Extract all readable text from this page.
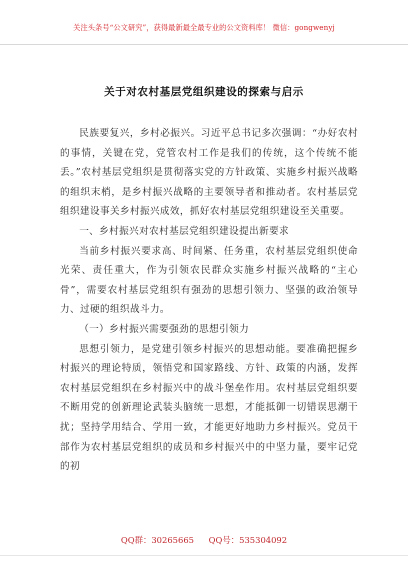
关注头条号“公文研究”，获得最新最全最专业的公文资料库！ 微信：gongwenyj
关于对农村基层党组织建设的探索与启示

民族要复兴，乡村必振兴。习近平总书记多次强调：“办好农村的事情，关键在党，党管农村工作是我们的传统，这个传统不能丢。”农村基层党组织是贯彻落实党的方针政策、实施乡村振兴战略的组织末梢，是乡村振兴战略的主要领导者和推动者。农村基层党组织建设事关乡村振兴成效，抓好农村基层党组织建设至关重要。

一、乡村振兴对农村基层党组织建设提出新要求

当前乡村振兴要求高、时间紧、任务重，农村基层党组织使命光荣、责任重大，作为引领农民群众实施乡村振兴战略的“主心骨”，需要农村基层党组织有强劲的思想引领力、坚强的政治领导力、过硬的组织战斗力。

（一）乡村振兴需要强劲的思想引领力

思想引领力，是党建引领乡村振兴的思想动能。要准确把握乡村振兴的理论特质，领悟党和国家路线、方针、政策的内涵，发挥农村基层党组织在乡村振兴中的战斗堡垒作用。农村基层党组织要不断用党的创新理论武装头脑统一思想，才能抵御一切错误思潮干扰；坚持学用结合、学用一致，才能更好地助力乡村振兴。党员干部作为农村基层党组织的成员和乡村振兴中的中坚力量，要牢记党的初

QQ群：30265665 QQ号：535304092
